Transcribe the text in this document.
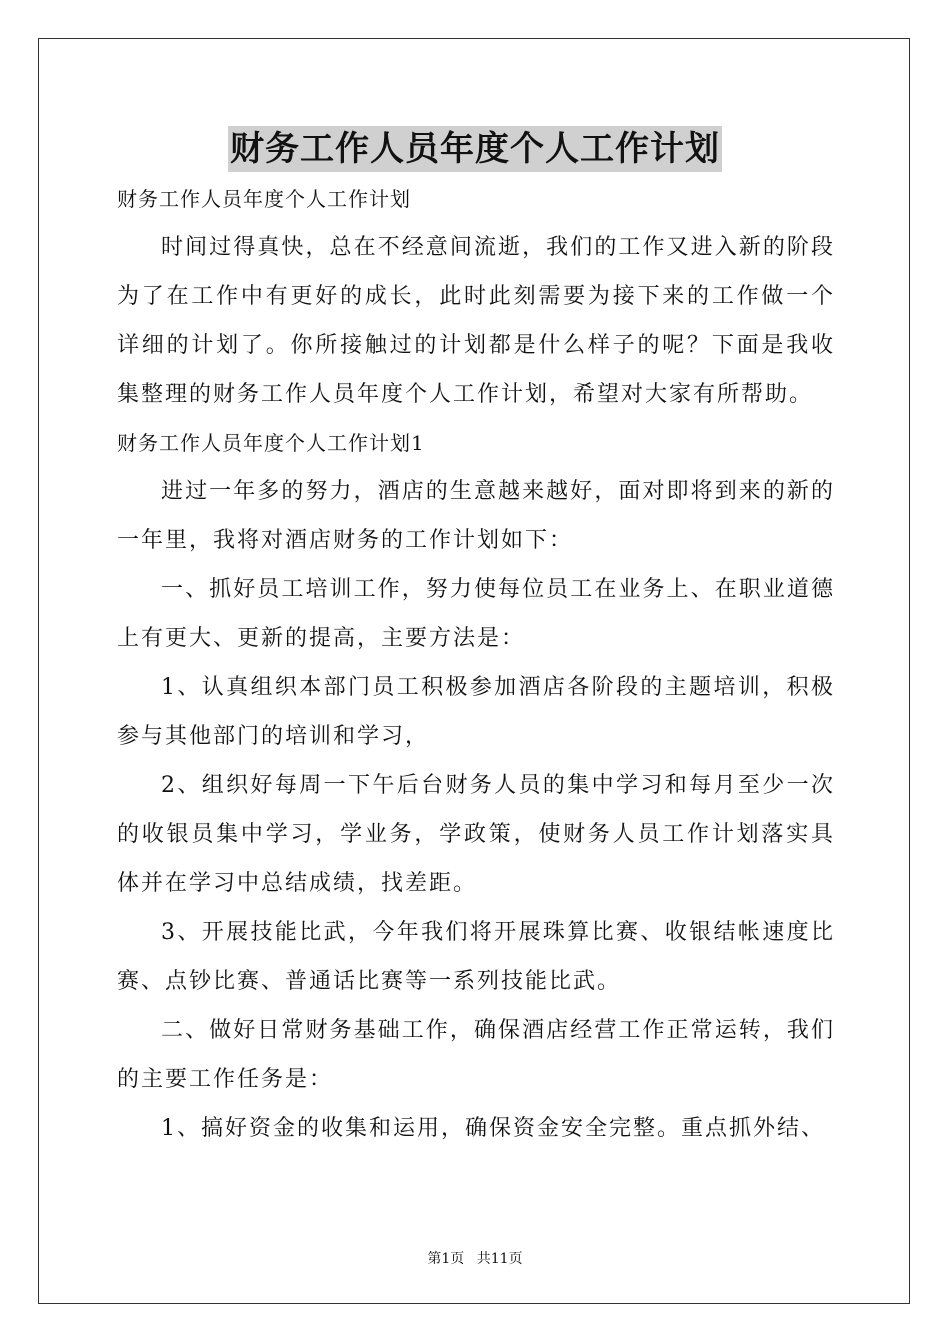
财务工作人员年度个人工作计划

财务工作人员年度个人工作计划

时间过得真快，总在不经意间流逝，我们的工作又进入新的阶段为了在工作中有更好的成长，此时此刻需要为接下来的工作做一个详细的计划了。你所接触过的计划都是什么样子的呢？下面是我收集整理的财务工作人员年度个人工作计划，希望对大家有所帮助。

财务工作人员年度个人工作计划1

进过一年多的努力，酒店的生意越来越好，面对即将到来的新的一年里，我将对酒店财务的工作计划如下：

一、抓好员工培训工作，努力使每位员工在业务上、在职业道德上有更大、更新的提高，主要方法是：

1、认真组织本部门员工积极参加酒店各阶段的主题培训，积极参与其他部门的培训和学习，

2、组织好每周一下午后台财务人员的集中学习和每月至少一次的收银员集中学习，学业务，学政策，使财务人员工作计划落实具体并在学习中总结成绩，找差距。

3、开展技能比武，今年我们将开展珠算比赛、收银结帐速度比赛、点钞比赛、普通话比赛等一系列技能比武。

二、做好日常财务基础工作，确保酒店经营工作正常运转，我们的主要工作任务是：

1、搞好资金的收集和运用，确保资金安全完整。重点抓外结、

第1页 共11页
